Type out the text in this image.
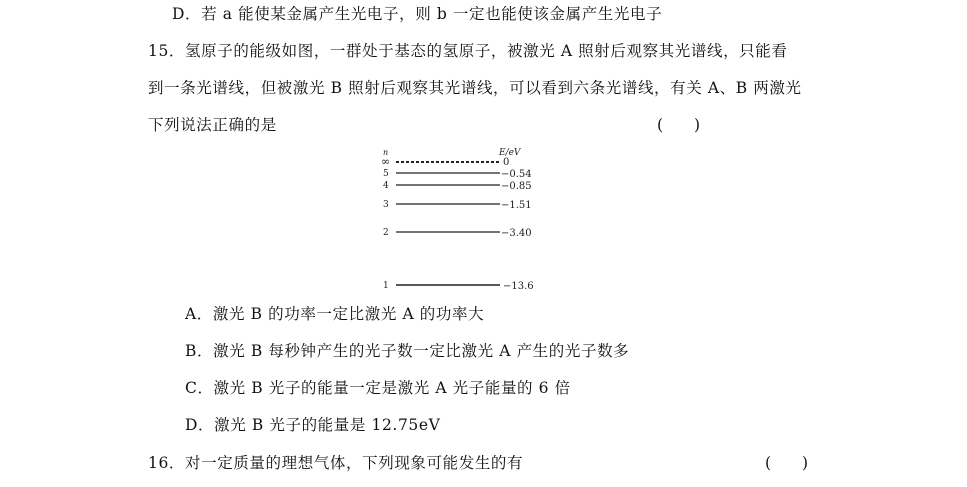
D．若 a 能使某金属产生光电子，则 b 一定也能使该金属产生光电子
15．氢原子的能级如图，一群处于基态的氢原子，被激光 A 照射后观察其光谱线，只能看
到一条光谱线，但被激光 B 照射后观察其光谱线，可以看到六条光谱线，有关 A、B 两激光
下列说法正确的是	(　　)
n	E/eV
∞	0
5	−0.54
4	−0.85
3	−1.51
2	−3.40
1	−13.6
A．激光 B 的功率一定比激光 A 的功率大
B．激光 B 每秒钟产生的光子数一定比激光 A 产生的光子数多
C．激光 B 光子的能量一定是激光 A 光子能量的 6 倍
D．激光 B 光子的能量是 12.75eV
16．对一定质量的理想气体，下列现象可能发生的有	(　　)
